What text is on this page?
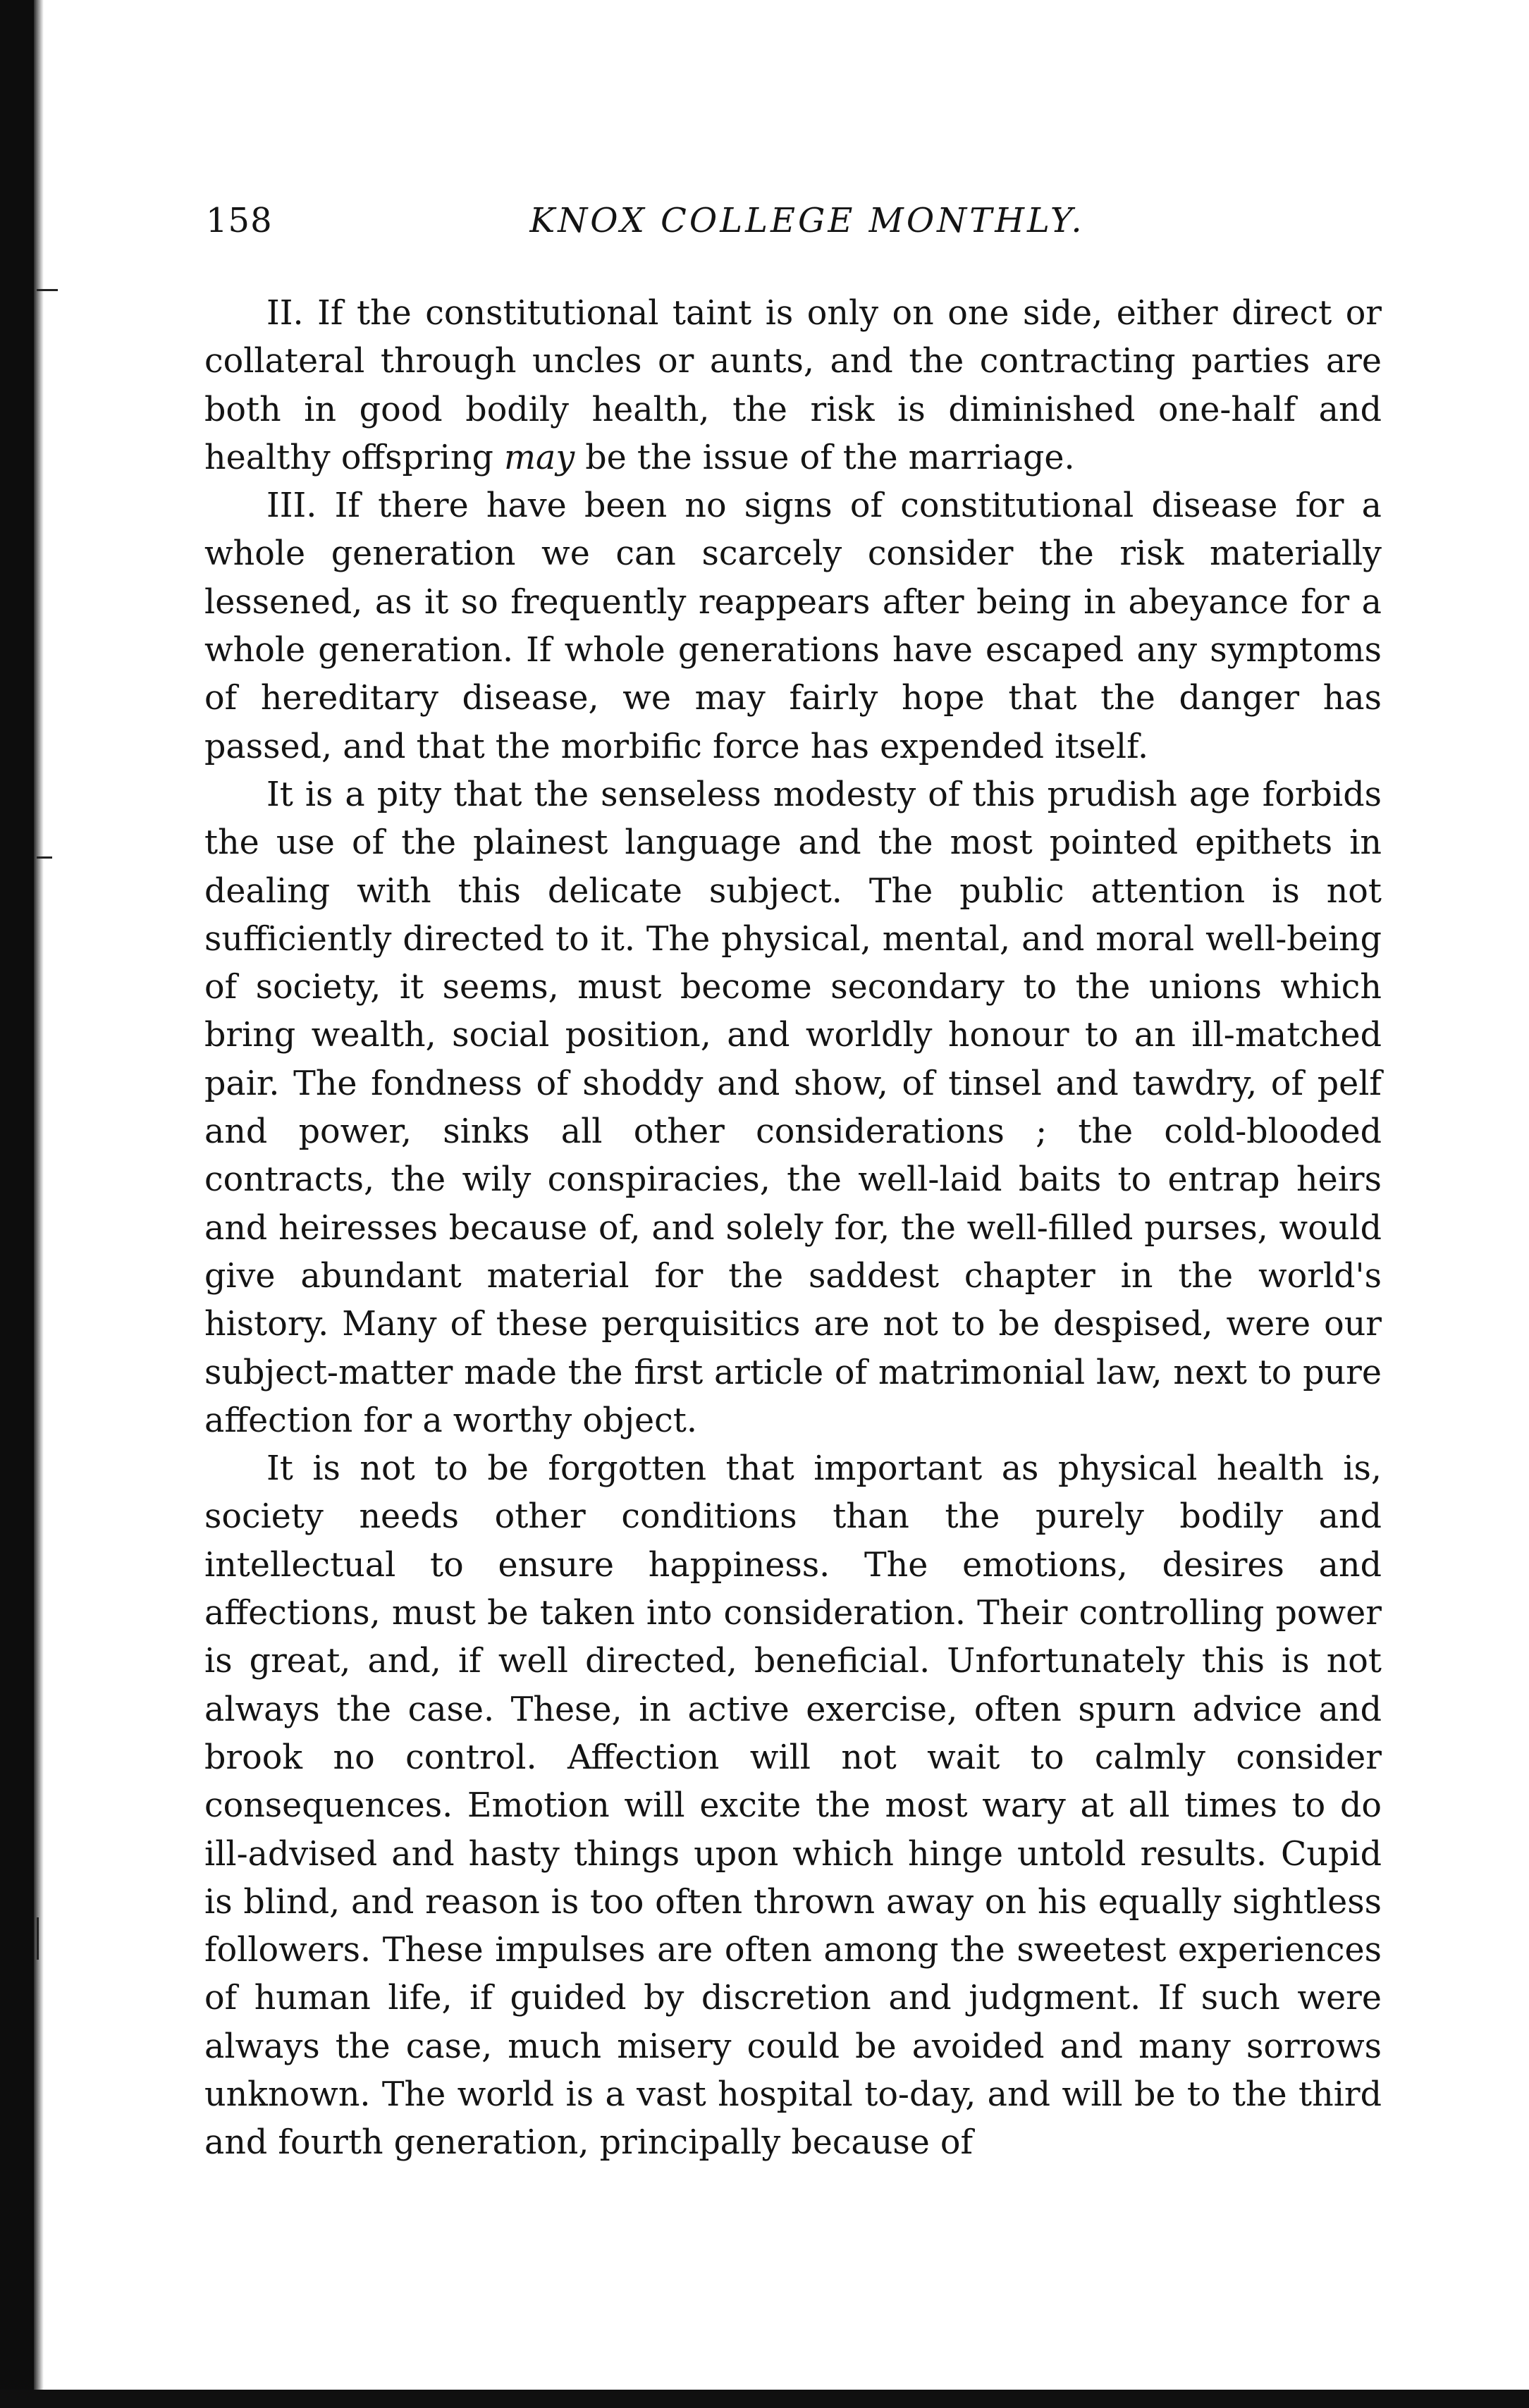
158	KNOX COLLEGE MONTHLY.

II. If the constitutional taint is only on one side, either direct or collateral through uncles or aunts, and the contracting parties are both in good bodily health, the risk is diminished one-half and healthy offspring may be the issue of the marriage.

III. If there have been no signs of constitutional disease for a whole generation we can scarcely consider the risk materially lessened, as it so frequently reappears after being in abeyance for a whole generation. If whole generations have escaped any symptoms of hereditary disease, we may fairly hope that the danger has passed, and that the morbific force has expended itself.

It is a pity that the senseless modesty of this prudish age forbids the use of the plainest language and the most pointed epithets in dealing with this delicate subject. The public attention is not sufficiently directed to it. The physical, mental, and moral well-being of society, it seems, must become secondary to the unions which bring wealth, social position, and worldly honour to an ill-matched pair. The fondness of shoddy and show, of tinsel and tawdry, of pelf and power, sinks all other considerations ; the cold-blooded contracts, the wily conspiracies, the well-laid baits to entrap heirs and heiresses because of, and solely for, the well-filled purses, would give abundant material for the saddest chapter in the world's history. Many of these perquisitics are not to be despised, were our subject-matter made the first article of matrimonial law, next to pure affection for a worthy object.

It is not to be forgotten that important as physical health is, society needs other conditions than the purely bodily and intellectual to ensure happiness. The emotions, desires and affections, must be taken into consideration. Their controlling power is great, and, if well directed, beneficial. Unfortunately this is not always the case. These, in active exercise, often spurn advice and brook no control. Affection will not wait to calmly consider consequences. Emotion will excite the most wary at all times to do ill-advised and hasty things upon which hinge untold results. Cupid is blind, and reason is too often thrown away on his equally sightless followers. These impulses are often among the sweetest experiences of human life, if guided by discretion and judgment. If such were always the case, much misery could be avoided and many sorrows unknown. The world is a vast hospital to-day, and will be to the third and fourth generation, principally because of
